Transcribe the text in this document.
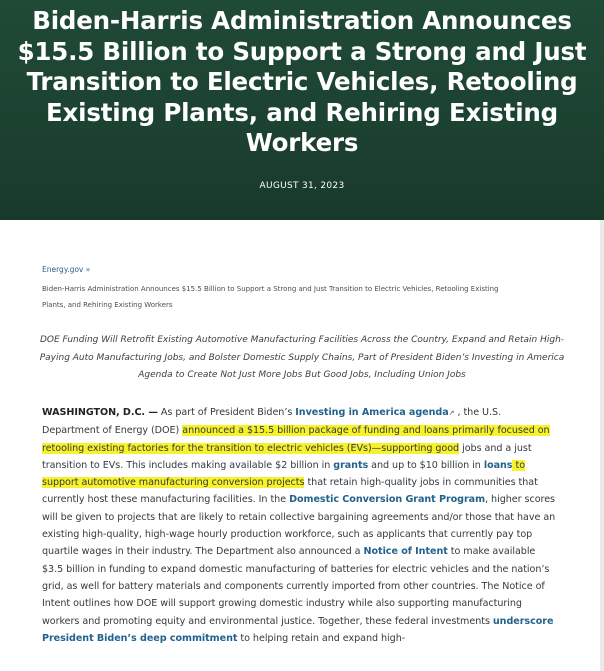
Biden-Harris Administration Announces $15.5 Billion to Support a Strong and Just Transition to Electric Vehicles, Retooling Existing Plants, and Rehiring Existing Workers
AUGUST 31, 2023
Energy.gov »
Biden-Harris Administration Announces $15.5 Billion to Support a Strong and Just Transition to Electric Vehicles, Retooling Existing Plants, and Rehiring Existing Workers

DOE Funding Will Retrofit Existing Automotive Manufacturing Facilities Across the Country, Expand and Retain High-Paying Auto Manufacturing Jobs, and Bolster Domestic Supply Chains, Part of President Biden’s Investing in America Agenda to Create Not Just More Jobs But Good Jobs, Including Union Jobs

WASHINGTON, D.C. — As part of President Biden’s Investing in America agenda↗ , the U.S. Department of Energy (DOE) announced a $15.5 billion package of funding and loans primarily focused on retooling existing factories for the transition to electric vehicles (EVs)—supporting good jobs and a just transition to EVs. This includes making available $2 billion in grants and up to $10 billion in loans to support automotive manufacturing conversion projects that retain high-quality jobs in communities that currently host these manufacturing facilities. In the Domestic Conversion Grant Program, higher scores will be given to projects that are likely to retain collective bargaining agreements and/or those that have an existing high-quality, high-wage hourly production workforce, such as applicants that currently pay top quartile wages in their industry. The Department also announced a Notice of Intent to make available $3.5 billion in funding to expand domestic manufacturing of batteries for electric vehicles and the nation’s grid, as well for battery materials and components currently imported from other countries. The Notice of Intent outlines how DOE will support growing domestic industry while also supporting manufacturing workers and promoting equity and environmental justice. Together, these federal investments underscore President Biden’s deep commitment to helping retain and expand high-
